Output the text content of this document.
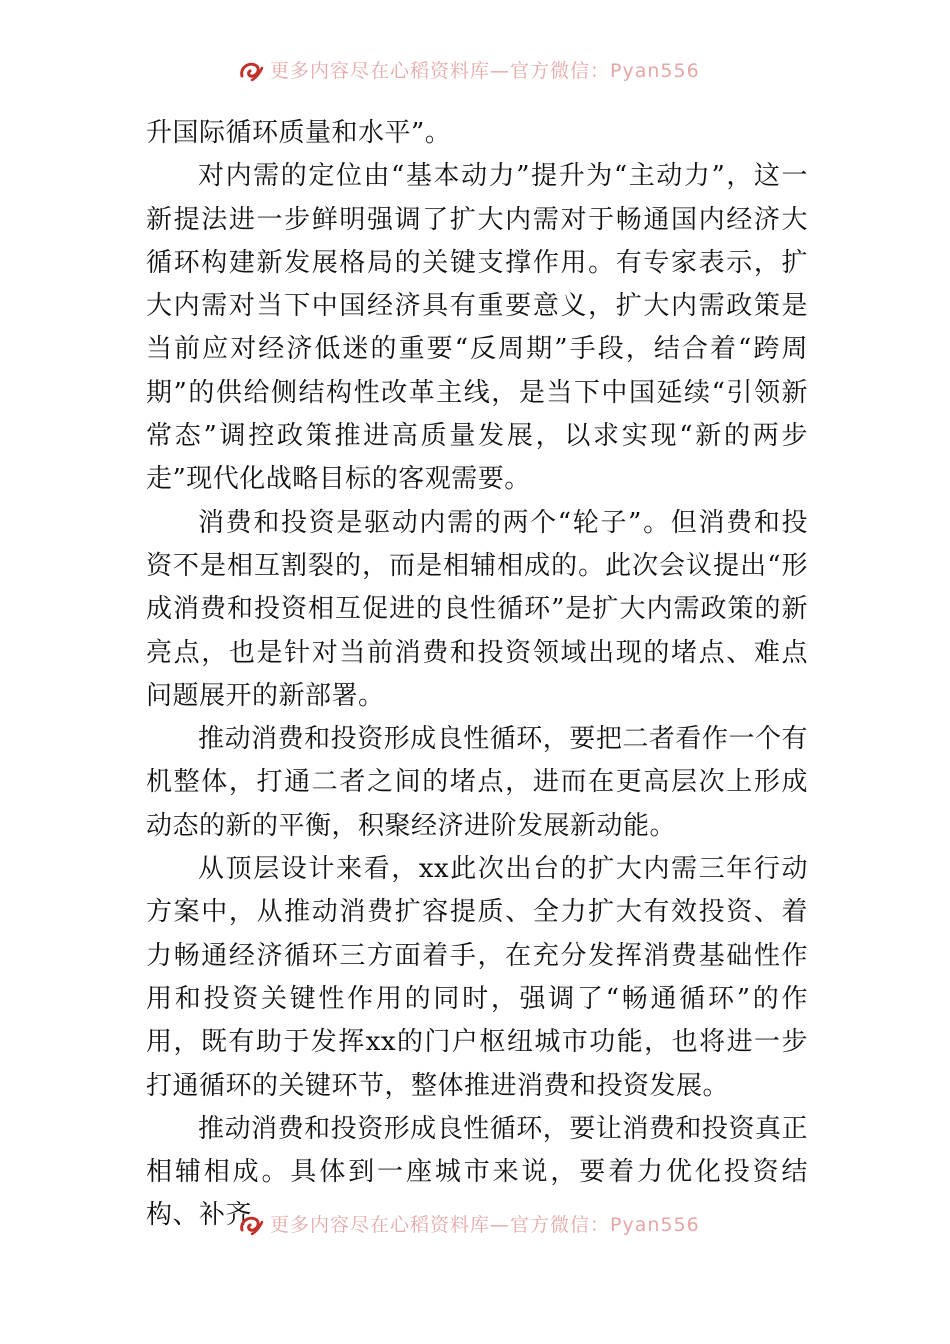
更多内容尽在心稻资料库—官方微信：Pyan556

升国际循环质量和水平”。

对内需的定位由“基本动力”提升为“主动力”，这一新提法进一步鲜明强调了扩大内需对于畅通国内经济大循环构建新发展格局的关键支撑作用。有专家表示，扩大内需对当下中国经济具有重要意义，扩大内需政策是当前应对经济低迷的重要“反周期”手段，结合着“跨周期”的供给侧结构性改革主线，是当下中国延续“引领新常态”调控政策推进高质量发展，以求实现“新的两步走”现代化战略目标的客观需要。

消费和投资是驱动内需的两个“轮子”。但消费和投资不是相互割裂的，而是相辅相成的。此次会议提出“形成消费和投资相互促进的良性循环”是扩大内需政策的新亮点，也是针对当前消费和投资领域出现的堵点、难点问题展开的新部署。

推动消费和投资形成良性循环，要把二者看作一个有机整体，打通二者之间的堵点，进而在更高层次上形成动态的新的平衡，积聚经济进阶发展新动能。

从顶层设计来看，xx此次出台的扩大内需三年行动方案中，从推动消费扩容提质、全力扩大有效投资、着力畅通经济循环三方面着手，在充分发挥消费基础性作用和投资关键性作用的同时，强调了“畅通循环”的作用，既有助于发挥xx的门户枢纽城市功能，也将进一步打通循环的关键环节，整体推进消费和投资发展。

推动消费和投资形成良性循环，要让消费和投资真正相辅相成。具体到一座城市来说，要着力优化投资结构、补齐 更多内容尽在心稻资料库—官方微信：Pyan556
